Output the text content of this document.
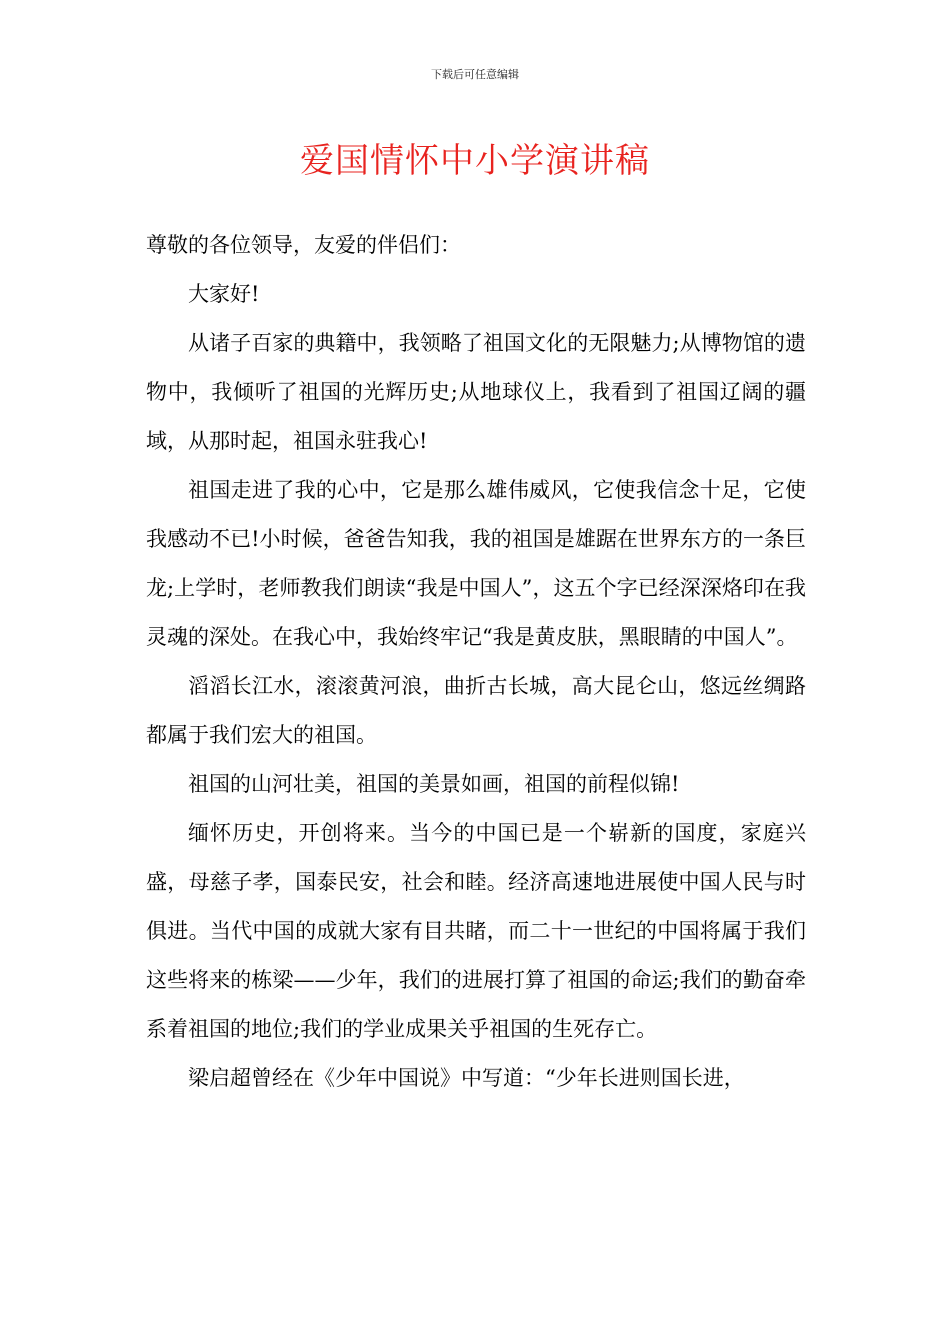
下载后可任意编辑
爱国情怀中小学演讲稿

尊敬的各位领导，友爱的伴侣们：

大家好!

从诸子百家的典籍中，我领略了祖国文化的无限魅力;从博物馆的遗物中，我倾听了祖国的光辉历史;从地球仪上，我看到了祖国辽阔的疆域，从那时起，祖国永驻我心!

祖国走进了我的心中，它是那么雄伟威风，它使我信念十足，它使我感动不已!小时候，爸爸告知我，我的祖国是雄踞在世界东方的一条巨龙;上学时，老师教我们朗读“我是中国人”，这五个字已经深深烙印在我灵魂的深处。在我心中，我始终牢记“我是黄皮肤，黑眼睛的中国人”。

滔滔长江水，滚滚黄河浪，曲折古长城，高大昆仑山，悠远丝绸路都属于我们宏大的祖国。

祖国的山河壮美，祖国的美景如画，祖国的前程似锦!

缅怀历史，开创将来。当今的中国已是一个崭新的国度，家庭兴盛，母慈子孝，国泰民安，社会和睦。经济高速地进展使中国人民与时俱进。当代中国的成就大家有目共睹，而二十一世纪的中国将属于我们这些将来的栋梁——少年，我们的进展打算了祖国的命运;我们的勤奋牵系着祖国的地位;我们的学业成果关乎祖国的生死存亡。

梁启超曾经在《少年中国说》中写道：“少年长进则国长进，
